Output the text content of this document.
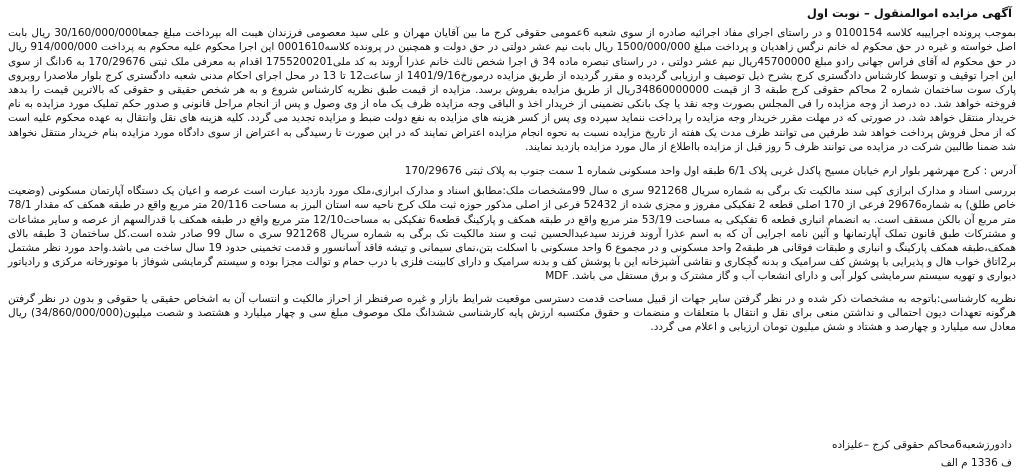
آگهی مزایده اموالمنقول – نوبت اول

بموجب پرونده اجراییبه کلاسه 0100154 و در راستای اجرای مفاد اجرائیه صادره از سوی شعبه 6عمومی حقوقی کرج ما بین آقایان مهران و علی سید معصومی فرزندان هیبت اله بپرداخت مبلغ جمعا30/160/000/000 ریال بابت اصل خواسته و غیره در حق محکوم له خانم نرگس زاهدیان و پرداخت مبلغ 1500/000/000 ریال بابت نیم عشر دولتی در حق دولت و همچنین در پرونده کلاسه0001610 این اجرا محکوم علیه محکوم به پرداخت 914/000/000 ریال در حق محکوم له آقای فراس جهانی رادو مبلغ 45700000ریال نیم عشر دولتی ، در راستای تبصره ماده 34 ق اجرا شخص ثالث خانم عذرا آروند به کد ملی1755200201 اقدام به معرفی ملک ثبتی 170/29676 به 6دانگ از سوی این اجرا توقیف و توسط کارشناس دادگستری کرج بشرح ذیل توصیف و ارزیابی گردیده و مقرر گردیده از طریق مزایده درمورخ1401/9/16 از ساعت12 تا 13 در محل اجرای احکام مدنی شعبه دادگستری کرج بلوار ملاصدرا روبروی پارک سوت ساختمان شماره 2 محاکم حقوقی کرج طبقه 3 از قیمت 34860000000ریال از طریق مزایده بفروش برسد. مزایده از قیمت طبق نظریه کارشناس شروع و به هر شخص حقیقی و حقوقی که بالاترین قیمت را بدهد فروخته خواهد شد. ده درصد از وجه مزایده را فی المجلس بصورت وجه نقد یا چک بانکی تضمینی از خریدار اخذ و الباقی وجه مزایده ظرف یک ماه از وی وصول و پس از انجام مراحل قانونی و صدور حکم تملیک مورد مزایده به نام خریدار منتقل خواهد شد. در صورتی که در مهلت مقرر خریدار وجه مزایده را پرداخت ننماید سپرده وی پس از کسر هزینه های مزایده به نفع دولت ضبط و مزایده تجدید می گردد. کلیه هزینه های نقل وانتقال به عهده محکوم علیه است که از محل فروش پرداخت خواهد شد طرفین می توانند ظرف مدت یک هفته از تاریخ مزایده نسبت به نحوه انجام مزایده اعتراض نمایند که در این صورت تا رسیدگی به اعتراض از سوی دادگاه مورد مزایده بنام خریدار منتقل نخواهد شد ضمنا طالبین شرکت در مزایده می توانند ظرف 5 روز قبل از مزایده بااطلاع از مال مورد مزایده بازدید نمایند.

آدرس : کرج مهرشهر بلوار ارم خیابان مسیح پاکدل غربی پلاک 6/1 طبقه اول واحد مسکونی شماره 1 سمت جنوب به پلاک ثبتی 170/29676

بررسی اسناد و مدارک ابرازی کپی سند مالکیت تک برگی به شماره سریال 921268 سری ه سال 99مشخصات ملک:مطابق اسناد و مدارک ابرازی،ملک مورد بازدید عبارت است عرصه و اعیان یک دستگاه آپارتمان مسکونی (وضعیت خاص طلق) به شماره29676 فرعی از 170 اصلی قطعه 2 تفکیکی مفروز و مجزی شده از 52432 فرعی از اصلی مذکور حوزه ثبت ملک کرج ناحیه سه استان البرز به مساحت 20/116 متر مربع واقع در طبقه همکف که مقدار 78/1 متر مربع آن بالکن مسقف است. به انضمام انباری قطعه 6 تفکیکی به مساحت 53/19 متر مربع واقع در طبقه همکف و پارکینگ قطعه6 تفکیکی به مساحت12/10 متر مربع واقع در طبقه همکف با قدرالسهم از عرصه و سایر مشاعات و مشترکات طبق قانون تملک آپارتمانها و آئین نامه اجرایی آن که به اسم عذرا آروند فرزند سیدعبدالحسین ثبت و سند مالکیت تک برگی به شماره سریال 921268 سری ه سال 99 صادر شده است.کل ساختمان 3 طبقه بالای همکف،طبقه همکف پارکینگ و انباری و طبقات فوقانی هر طبقه2 واحد مسکونی و در مجموع 6 واحد مسکونی با اسکلت بتن،نمای سیمانی و تیشه فاقد آسانسور و قدمت تخمینی حدود 19 سال ساخت می باشد.واحد مورد نظر مشتمل بر2اتاق خواب هال و پذیرایی با پوشش کف سرامیک و بدنه گچکاری و نقاشی آشپزخانه این با پوشش کف و بدنه سرامیک و دارای کابینت فلزی با درب حمام و توالت مجزا بوده و سیستم گرمایشی شوفاژ با موتورخانه مرکزی و رادیاتور دیواری و تهویه سیستم سرمایشی کولر آبی و دارای انشعاب آب و گاز مشترک و برق مستقل می باشد. MDF

نظریه کارشناسی:باتوجه به مشخصات ذکر شده و در نظر گرفتن سایر جهات از قبیل مساحت قدمت دسترسی موقعیت شرایط بازار و غیره صرفنظر از احراز مالکیت و انتساب آن به اشخاص حقیقی یا حقوقی و بدون در نظر گرفتن هرگونه تعهدات دیون احتمالی و نداشتن منعی برای نقل و انتقال با متعلقات و منضمات و حقوق مکتسبه ارزش پایه کارشناسی ششدانگ ملک موصوف مبلغ سی و چهار میلیارد و هشتصد و شصت میلیون(34/860/000/000) ریال معادل سه میلیارد و چهارصد و هشتاد و شش میلیون تومان ارزیابی و اعلام می گردد.

دادورزشعبه6محاکم حقوقی کرج –علیزاده
ف 1336 م الف
